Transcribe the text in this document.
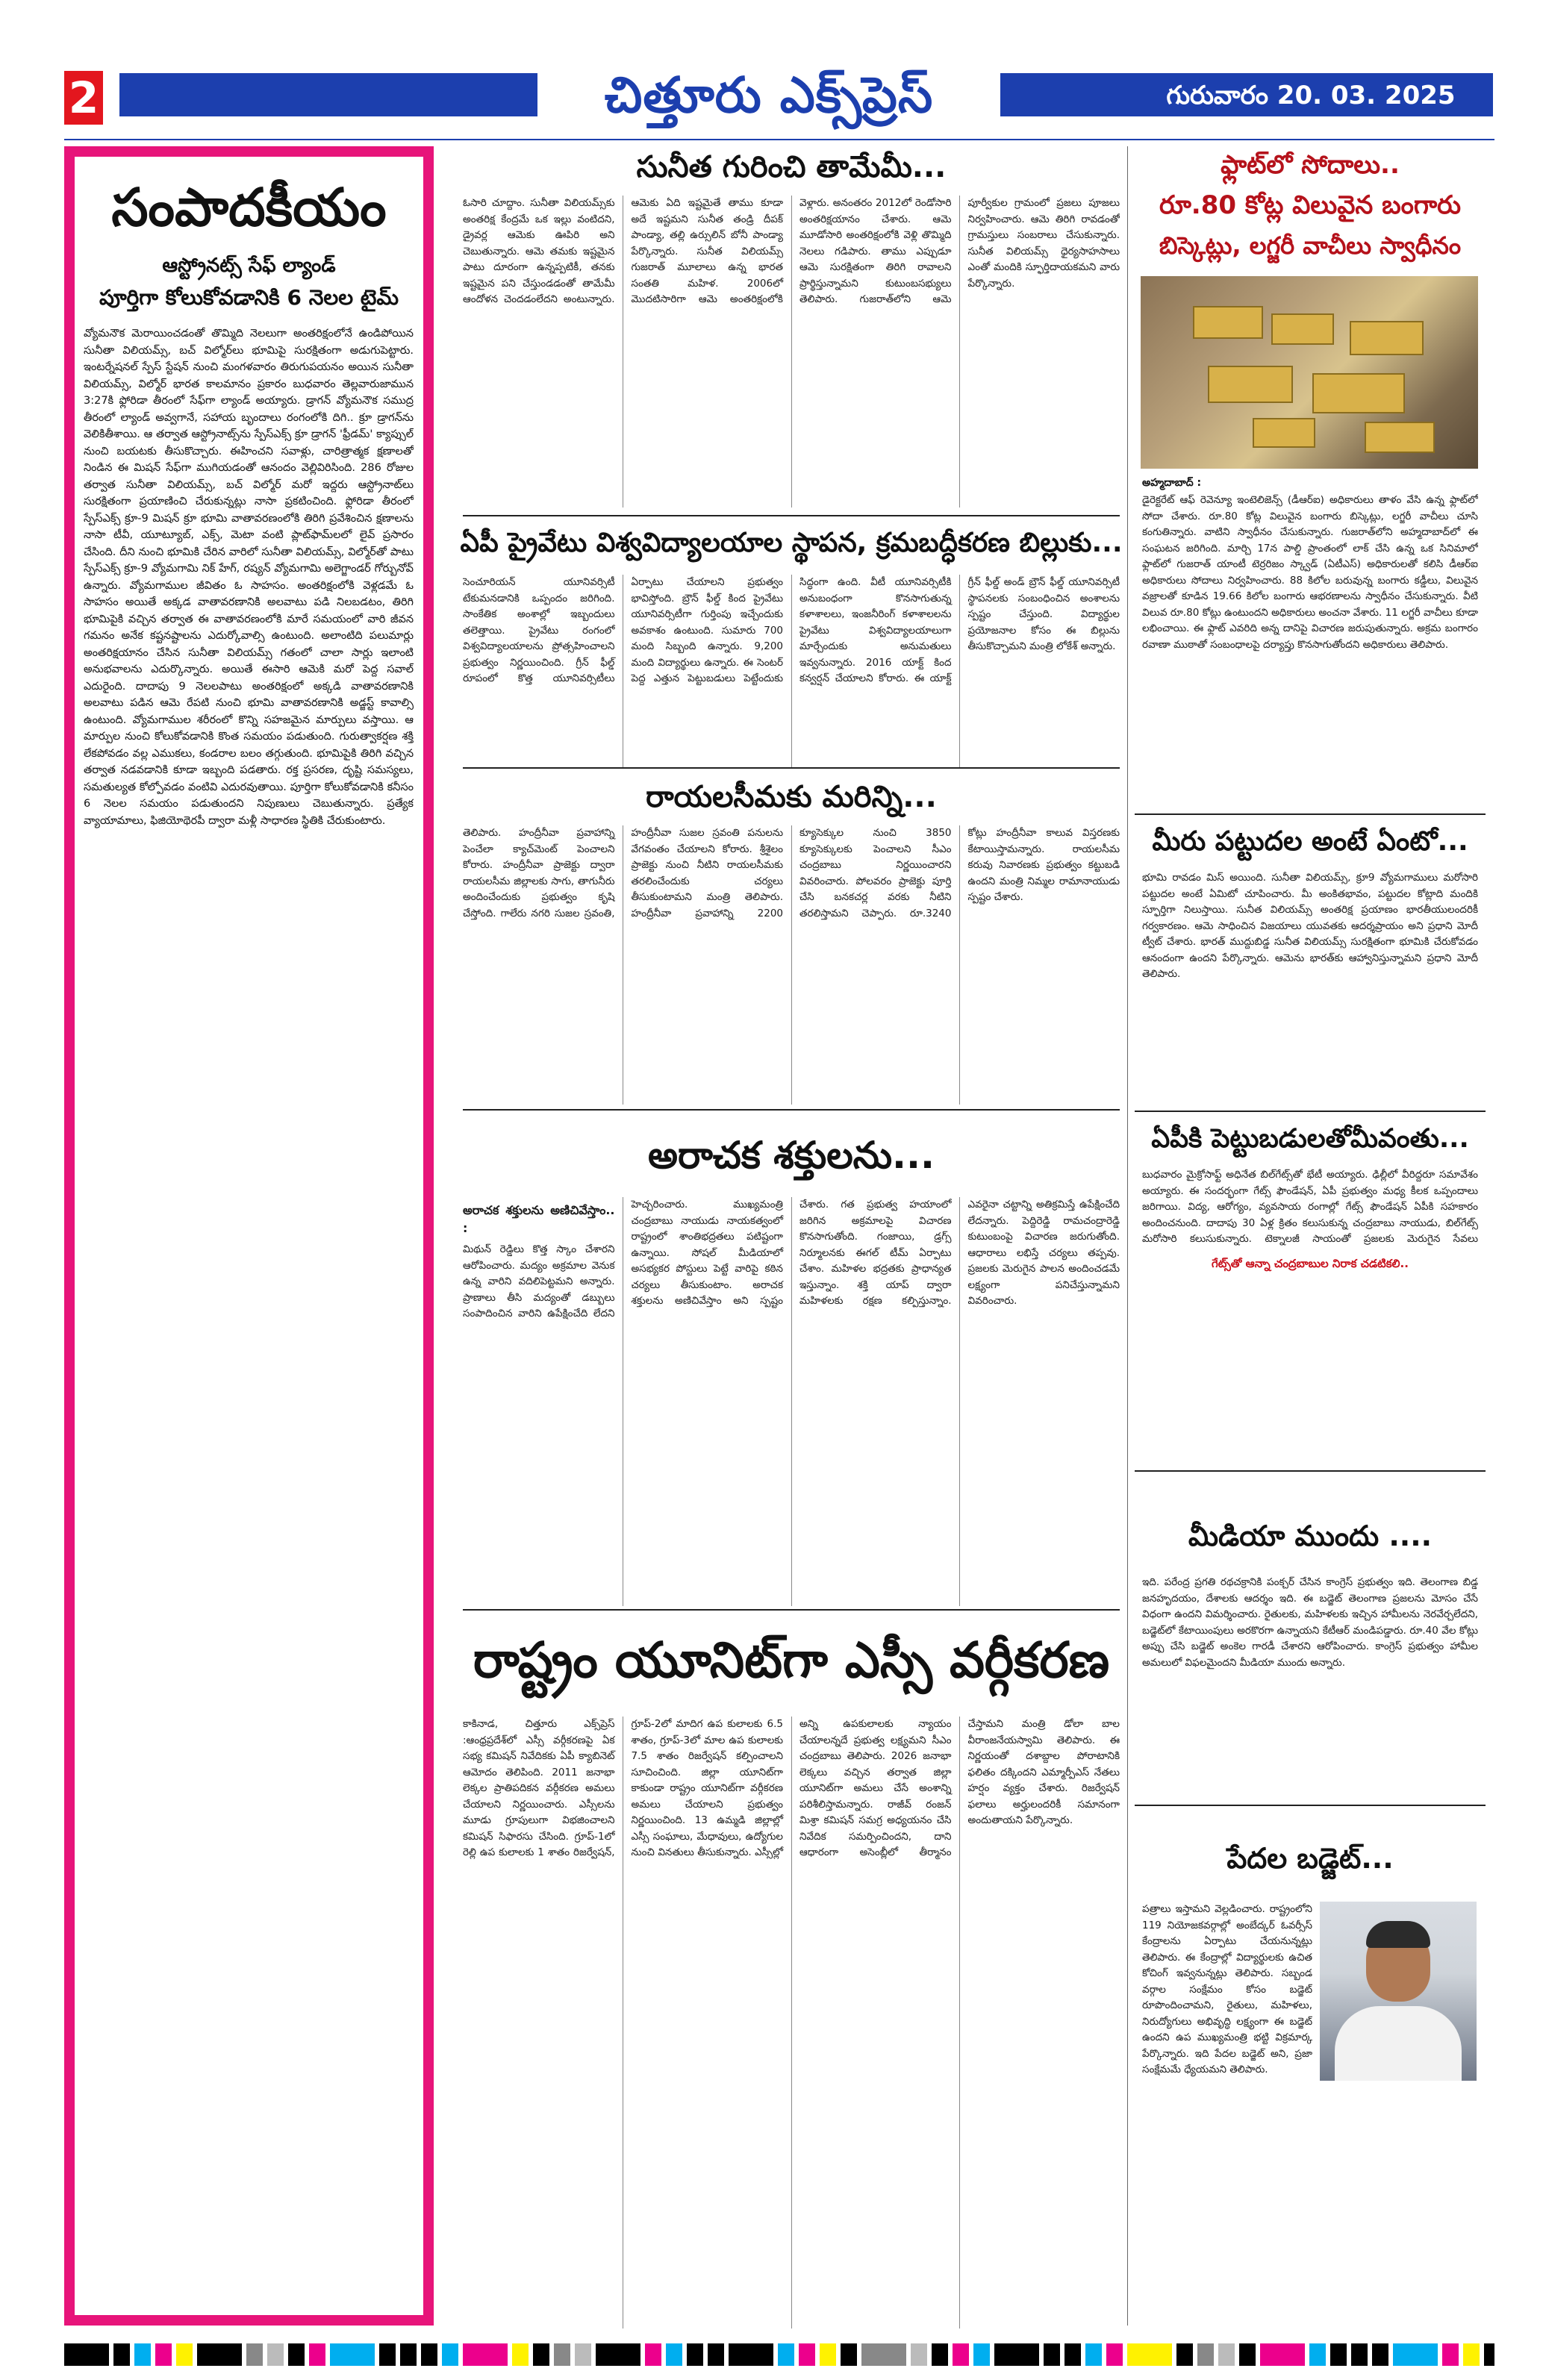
2	చిత్తూరు ఎక్స్‌ప్రెస్	గురువారం 20. 03. 2025
సంపాదకీయం
ఆస్ట్రోనట్స్ సేఫ్ ల్యాండ్
పూర్తిగా కోలుకోవడానికి 6 నెలల టైమ్
వ్యోమనౌక మెరాయించడంతో తొమ్మిది నెలలుగా అంతరిక్షంలోనే ఉండిపోయిన సునీతా విలియమ్స్, బచ్ విల్మోర్‌లు భూమిపై సురక్షితంగా అడుగుపెట్టారు. ఇంటర్నేషనల్ స్పేస్ స్టేషన్ నుంచి మంగళవారం తిరుగుపయనం అయిన సునీతా విలియమ్స్, విల్మోర్ భారత కాలమానం ప్రకారం బుధవారం తెల్లవారుజామున 3:27కి ఫ్లోరిడా తీరంలో సేఫ్‌గా ల్యాండ్ అయ్యారు. డ్రాగన్ వ్యోమనౌక సముద్ర తీరంలో ల్యాండ్ అవ్వగానే, సహాయ బృందాలు రంగంలోకి దిగి.. క్రూ డ్రాగన్‌ను వెలికితీశాయి. ఆ తర్వాత ఆస్ట్రోనాట్స్‌ను స్పేస్‌ఎక్స్ క్రూ డ్రాగన్ 'ఫ్రీడమ్' క్యాప్సుల్ నుంచి బయటకు తీసుకొచ్చారు. ఈహించని సవాళ్లు, చారిత్రాత్మక క్షణాలతో నిండిన ఈ మిషన్ సేఫ్‌గా ముగియడంతో ఆనందం వెల్లివిరిసింది. 286 రోజుల తర్వాత సునీతా విలియమ్స్, బచ్ విల్మోర్ మరో ఇద్దరు ఆస్ట్రోనాట్‌లు సురక్షితంగా ప్రయాణించి చేరుకున్నట్లు నాసా ప్రకటించింది. ఫ్లోరిడా తీరంలో స్పేస్ఎక్స్ క్రూ-9 మిషన్ క్రూ భూమి వాతావరణంలోకి తిరిగి ప్రవేశించిన క్షణాలను నాసా టీవీ, యూట్యూబ్, ఎక్స్, మెటా వంటి ప్లాట్‌ఫామ్‌లలో లైవ్ ప్రసారం చేసింది. దీని నుంచి భూమికి చేరిన వారిలో సునీతా విలియమ్స్, విల్మోర్‌తో పాటు స్పేస్ఎక్స్ క్రూ-9 వ్యోమగామి నిక్ హేగ్, రష్యన్ వ్యోమగామి అలెగ్జాండర్ గోర్బునోవ్ ఉన్నారు. వ్యోమగాముల జీవితం ఓ సాహసం. అంతరిక్షంలోకి వెళ్లడమే ఓ సాహసం అయితే అక్కడ వాతావరణానికి అలవాటు పడి నిలబడటం, తిరిగి భూమిపైకి వచ్చిన తర్వాత ఈ వాతావరణంలోకి మారే సమయంలో వారి జీవన గమనం అనేక కష్టనష్టాలను ఎదుర్కోవాల్సి ఉంటుంది. అలాంటిది పలుమార్లు అంతరిక్షయానం చేసిన సునీతా విలియమ్స్ గతంలో చాలా సార్లు ఇలాంటి అనుభవాలను ఎదుర్కొన్నారు. అయితే ఈసారి ఆమెకి మరో పెద్ద సవాల్ ఎదురైంది. దాదాపు 9 నెలలపాటు అంతరిక్షంలో అక్కడి వాతావరణానికి అలవాటు పడిన ఆమె రేపటి నుంచి భూమి వాతావరణానికి అడ్జస్ట్ కావాల్సి ఉంటుంది. వ్యోమగాముల శరీరంలో కొన్ని సహజమైన మార్పులు వస్తాయి. ఆ మార్పుల నుంచి కోలుకోవడానికి కొంత సమయం పడుతుంది. గురుత్వాకర్షణ శక్తి లేకపోవడం వల్ల ఎముకలు, కండరాల బలం తగ్గుతుంది. భూమిపైకి తిరిగి వచ్చిన తర్వాత నడవడానికి కూడా ఇబ్బంది పడతారు. రక్త ప్రసరణ, దృష్టి సమస్యలు, సమతుల్యత కోల్పోవడం వంటివి ఎదురవుతాయి. పూర్తిగా కోలుకోవడానికి కనీసం 6 నెలల సమయం పడుతుందని నిపుణులు చెబుతున్నారు. ప్రత్యేక వ్యాయామాలు, ఫిజియోథెరపీ ద్వారా మళ్లీ సాధారణ స్థితికి చేరుకుంటారు.
సునీత గురించి తామేమీ...
ఓసారి చూద్దాం. సునీతా విలియమ్స్‌కు అంతరిక్ష కేంద్రమే ఒక ఇల్లు వంటిదని, డ్రైవర్ల ఆమెకు ఊపిరి అని చెబుతున్నారు. ఆమె తమకు ఇష్టమైన పాటు దూరంగా ఉన్నప్పటికీ, తనకు ఇష్టమైన పని చేస్తుండడంతో తామేమీ ఆందోళన చెందడంలేదని అంటున్నారు. ఆమెకు ఏది ఇష్టమైతే తాము కూడా అదే ఇష్టమని సునీత తండ్రి దీపక్ పాండ్యా, తల్లి ఉర్సులిన్ బోనీ పాండ్యా పేర్కొన్నారు. సునీత విలియమ్స్ గుజరాత్ మూలాలు ఉన్న భారత సంతతి మహిళ. 2006లో మొదటిసారిగా ఆమె అంతరిక్షంలోకి వెళ్లారు. అనంతరం 2012లో రెండోసారి అంతరిక్షయానం చేశారు. ఆమె మూడోసారి అంతరిక్షంలోకి వెళ్లి తొమ్మిది నెలలు గడిపారు. తాము ఎప్పుడూ ఆమె సురక్షితంగా తిరిగి రావాలని ప్రార్థిస్తున్నామని కుటుంబసభ్యులు తెలిపారు. గుజరాత్‌లోని ఆమె పూర్వీకుల గ్రామంలో ప్రజలు పూజలు నిర్వహించారు. ఆమె తిరిగి రావడంతో గ్రామస్తులు సంబరాలు చేసుకున్నారు. సునీత విలియమ్స్ ధైర్యసాహసాలు ఎంతో మందికి స్ఫూర్తిదాయకమని వారు పేర్కొన్నారు.
ఏపీ ప్రైవేటు విశ్వవిద్యాలయాల స్థాపన, క్రమబద్ధీకరణ బిల్లుకు...
సెంచూరియన్ యూనివర్సిటీ టేకుమనడానికి ఒప్పందం జరిగింది. సాంకేతిక అంశాల్లో ఇబ్బందులు తలెత్తాయి. ప్రైవేటు రంగంలో విశ్వవిద్యాలయాలను ప్రోత్సహించాలని ప్రభుత్వం నిర్ణయించింది. గ్రీన్ ఫీల్డ్ రూపంలో కొత్త యూనివర్సిటీలు ఏర్పాటు చేయాలని ప్రభుత్వం భావిస్తోంది. బ్రౌన్ ఫీల్డ్ కింద ప్రైవేటు యూనివర్సిటీగా గుర్తింపు ఇచ్చేందుకు అవకాశం ఉంటుంది. సుమారు 700 మంది సిబ్బంది ఉన్నారు. 9,200 మంది విద్యార్థులు ఉన్నారు. ఈ సెంటర్ పెద్ద ఎత్తున పెట్టుబడులు పెట్టేందుకు సిద్ధంగా ఉంది. వీటీ యూనివర్సిటీకి అనుబంధంగా కొనసాగుతున్న కళాశాలలు, ఇంజనీరింగ్ కళాశాలలను ప్రైవేటు విశ్వవిద్యాలయాలుగా మార్చేందుకు అనుమతులు ఇవ్వనున్నారు. 2016 యాక్ట్ కింద కన్వర్షన్ చేయాలని కోరారు. ఈ యాక్ట్ గ్రీన్ ఫీల్డ్ అండ్ బ్రౌన్ ఫీల్డ్ యూనివర్సిటీ స్థాపనలకు సంబంధించిన అంశాలను స్పష్టం చేస్తుంది. విద్యార్థుల ప్రయోజనాల కోసం ఈ బిల్లును తీసుకొచ్చామని మంత్రి లోకేశ్ అన్నారు.
రాయలసీమకు మరిన్ని...
తెలిపారు. హంద్రీనీవా ప్రవాహాన్ని పెంచేలా క్యాచ్‌మెంట్ పెంచాలని కోరారు. హంద్రీనీవా ప్రాజెక్టు ద్వారా రాయలసీమ జిల్లాలకు సాగు, తాగునీరు అందించేందుకు ప్రభుత్వం కృషి చేస్తోంది. గాలేరు నగరి సుజల స్రవంతి, హంద్రీనీవా సుజల స్రవంతి పనులను వేగవంతం చేయాలని కోరారు. శ్రీశైలం ప్రాజెక్టు నుంచి నీటిని రాయలసీమకు తరలించేందుకు చర్యలు తీసుకుంటామని మంత్రి తెలిపారు. హంద్రీనీవా ప్రవాహాన్ని 2200 క్యూసెక్కుల నుంచి 3850 క్యూసెక్కులకు పెంచాలని సీఎం చంద్రబాబు నిర్ణయించారని వివరించారు. పోలవరం ప్రాజెక్టు పూర్తి చేసి బనకచర్ల వరకు నీటిని తరలిస్తామని చెప్పారు. రూ.3240 కోట్లు హంద్రీనీవా కాలువ విస్తరణకు కేటాయిస్తామన్నారు. రాయలసీమ కరువు నివారణకు ప్రభుత్వం కట్టుబడి ఉందని మంత్రి నిమ్మల రామానాయుడు స్పష్టం చేశారు.
అరాచక శక్తులను...
అరాచక శక్తులను అణిచివేస్తాం.. :
మిథున్ రెడ్డిలు కొత్త స్కాం చేశారని ఆరోపించారు. మద్యం అక్రమాల వెనుక ఉన్న వారిని వదిలిపెట్టమని అన్నారు. ప్రాణాలు తీసి మద్యంతో డబ్బులు సంపాదించిన వారిని ఉపేక్షించేది లేదని హెచ్చరించారు. ముఖ్యమంత్రి చంద్రబాబు నాయుడు నాయకత్వంలో రాష్ట్రంలో శాంతిభద్రతలు పటిష్టంగా ఉన్నాయి. సోషల్ మీడియాలో అసభ్యకర పోస్టులు పెట్టే వారిపై కఠిన చర్యలు తీసుకుంటాం. అరాచక శక్తులను అణిచివేస్తాం అని స్పష్టం చేశారు. గత ప్రభుత్వ హయాంలో జరిగిన అక్రమాలపై విచారణ కొనసాగుతోంది. గంజాయి, డ్రగ్స్ నిర్మూలనకు ఈగల్ టీమ్ ఏర్పాటు చేశాం. మహిళల భద్రతకు ప్రాధాన్యత ఇస్తున్నాం. శక్తి యాప్ ద్వారా మహిళలకు రక్షణ కల్పిస్తున్నాం. ఎవరైనా చట్టాన్ని అతిక్రమిస్తే ఉపేక్షించేది లేదన్నారు. పెద్దిరెడ్డి రామచంద్రారెడ్డి కుటుంబంపై విచారణ జరుగుతోంది. ఆధారాలు లభిస్తే చర్యలు తప్పవు. ప్రజలకు మెరుగైన పాలన అందించడమే లక్ష్యంగా పనిచేస్తున్నామని వివరించారు.
రాష్ట్రం యూనిట్‌గా ఎస్సీ వర్గీకరణ
కాకినాడ, చిత్తూరు ఎక్స్‌ప్రెస్ :ఆంధ్రప్రదేశ్‌లో ఎస్సీ వర్గీకరణపై ఏక సభ్య కమిషన్ నివేదికకు ఏపీ క్యాబినెట్ ఆమోదం తెలిపింది. 2011 జనాభా లెక్కల ప్రాతిపదికన వర్గీకరణ అమలు చేయాలని నిర్ణయించారు. ఎస్సీలను మూడు గ్రూపులుగా విభజించాలని కమిషన్ సిఫారసు చేసింది. గ్రూప్-1లో రెల్లి ఉప కులాలకు 1 శాతం రిజర్వేషన్, గ్రూప్-2లో మాదిగ ఉప కులాలకు 6.5 శాతం, గ్రూప్-3లో మాల ఉప కులాలకు 7.5 శాతం రిజర్వేషన్ కల్పించాలని సూచించింది. జిల్లా యూనిట్‌గా కాకుండా రాష్ట్రం యూనిట్‌గా వర్గీకరణ అమలు చేయాలని ప్రభుత్వం నిర్ణయించింది. 13 ఉమ్మడి జిల్లాల్లో ఎస్సీ సంఘాలు, మేధావులు, ఉద్యోగుల నుంచి వినతులు తీసుకున్నారు. ఎస్సీల్లో అన్ని ఉపకులాలకు న్యాయం చేయాలన్నదే ప్రభుత్వ లక్ష్యమని సీఎం చంద్రబాబు తెలిపారు. 2026 జనాభా లెక్కలు వచ్చిన తర్వాత జిల్లా యూనిట్‌గా అమలు చేసే అంశాన్ని పరిశీలిస్తామన్నారు. రాజీవ్ రంజన్ మిశ్రా కమిషన్ సమగ్ర అధ్యయనం చేసి నివేదిక సమర్పించిందని, దాని ఆధారంగా అసెంబ్లీలో తీర్మానం చేస్తామని మంత్రి డోలా బాల వీరాంజనేయస్వామి తెలిపారు. ఈ నిర్ణయంతో దశాబ్దాల పోరాటానికి ఫలితం దక్కిందని ఎమ్మార్పీఎస్ నేతలు హర్షం వ్యక్తం చేశారు. రిజర్వేషన్ ఫలాలు అర్హులందరికీ సమానంగా అందుతాయని పేర్కొన్నారు.
ఫ్లాట్‌లో సోదాలు..
రూ.80 కోట్ల విలువైన బంగారు
బిస్కెట్లు, లగ్జరీ వాచీలు స్వాధీనం
అహ్మదాబాద్ :
డైరెక్టరేట్ ఆఫ్ రెవెన్యూ ఇంటెలిజెన్స్ (డీఆర్ఐ) అధికారులు తాళం వేసి ఉన్న ఫ్లాట్‌లో సోదా చేశారు. రూ.80 కోట్ల విలువైన బంగారు బిస్కెట్లు, లగ్జరీ వాచీలు చూసి కంగుతిన్నారు. వాటిని స్వాధీనం చేసుకున్నారు. గుజరాత్‌లోని అహ్మదాబాద్‌లో ఈ సంఘటన జరిగింది. మార్చి 17న పాల్డి ప్రాంతంలో లాక్ చేసి ఉన్న ఒక సినిమాలో ఫ్లాట్‌లో గుజరాత్ యాంటీ టెర్రరిజం స్క్వాడ్ (ఏటీఎస్) అధికారులతో కలిసి డీఆర్ఐ అధికారులు సోదాలు నిర్వహించారు. 88 కిలోల బరువున్న బంగారు కడ్డీలు, విలువైన వజ్రాలతో కూడిన 19.66 కిలోల బంగారు ఆభరణాలను స్వాధీనం చేసుకున్నారు. వీటి విలువ రూ.80 కోట్లు ఉంటుందని అధికారులు అంచనా వేశారు. 11 లగ్జరీ వాచీలు కూడా లభించాయి. ఈ ఫ్లాట్ ఎవరిది అన్న దానిపై విచారణ జరుపుతున్నారు. అక్రమ బంగారం రవాణా ముఠాతో సంబంధాలపై దర్యాప్తు కొనసాగుతోందని అధికారులు తెలిపారు.
మీరు పట్టుదల అంటే ఏంటో...
భూమి రావడం మిస్ అయింది. సునీతా విలియమ్స్, క్రూ9 వ్యోమగాములు మరోసారి పట్టుదల అంటే ఏమిటో చూపించారు. మీ అంకితభావం, పట్టుదల కోట్లాది మందికి స్ఫూర్తిగా నిలుస్తాయి. సునీత విలియమ్స్ అంతరిక్ష ప్రయాణం భారతీయులందరికీ గర్వకారణం. ఆమె సాధించిన విజయాలు యువతకు ఆదర్శప్రాయం అని ప్రధాని మోదీ ట్వీట్ చేశారు. భారత్ ముద్దుబిడ్డ సునీత విలియమ్స్ సురక్షితంగా భూమికి చేరుకోవడం ఆనందంగా ఉందని పేర్కొన్నారు. ఆమెను భారత్‌కు ఆహ్వానిస్తున్నామని ప్రధాని మోదీ తెలిపారు.
ఏపీకి పెట్టుబడులతోమీవంతు...
బుధవారం మైక్రోసాఫ్ట్ అధినేత బిల్‌గేట్స్‌తో భేటీ అయ్యారు. ఢిల్లీలో వీరిద్దరూ సమావేశం అయ్యారు. ఈ సందర్భంగా గేట్స్ ఫౌండేషన్, ఏపీ ప్రభుత్వం మధ్య కీలక ఒప్పందాలు జరిగాయి. విద్య, ఆరోగ్యం, వ్యవసాయ రంగాల్లో గేట్స్ ఫౌండేషన్ ఏపీకి సహకారం అందించనుంది. దాదాపు 30 ఏళ్ల క్రితం కలుసుకున్న చంద్రబాబు నాయుడు, బిల్‌గేట్స్ మరోసారి కలుసుకున్నారు. టెక్నాలజీ సాయంతో ప్రజలకు మెరుగైన సేవలు
గేట్స్‌తో ఆన్నా చంద్రబాబుల నిరాక చడటికలి..
మీడియా ముందు ....
ఇది. పరేంద్ర ప్రగతి రథచక్రానికి పంక్చర్ చేసిన కాంగ్రెస్ ప్రభుత్వం ఇది. తెలంగాణ బిడ్డ జనహృదయం, దేశాలకు ఆదర్శం ఇది. ఈ బడ్జెట్ తెలంగాణ ప్రజలను మోసం చేసే విధంగా ఉందని విమర్శించారు. రైతులకు, మహిళలకు ఇచ్చిన హామీలను నెరవేర్చలేదని, బడ్జెట్‌లో కేటాయింపులు అరకొరగా ఉన్నాయని కేటీఆర్ మండిపడ్డారు. రూ.40 వేల కోట్లు అప్పు చేసి బడ్జెట్ అంకెల గారడీ చేశారని ఆరోపించారు. కాంగ్రెస్ ప్రభుత్వం హామీల అమలులో విఫలమైందని మీడియా ముందు అన్నారు.
పేదల బడ్జెట్...
పత్రాలు ఇస్తామని వెల్లడించారు. రాష్ట్రంలోని 119 నియోజకవర్గాల్లో అంబేద్కర్ ఓవర్సీస్ కేంద్రాలను ఏర్పాటు చేయనున్నట్లు తెలిపారు. ఈ కేంద్రాల్లో విద్యార్థులకు ఉచిత కోచింగ్ ఇవ్వనున్నట్లు తెలిపారు. సబ్బండ వర్గాల సంక్షేమం కోసం బడ్జెట్ రూపొందించామని, రైతులు, మహిళలు, నిరుద్యోగులు అభివృద్ధి లక్ష్యంగా ఈ బడ్జెట్ ఉందని ఉప ముఖ్యమంత్రి భట్టి విక్రమార్క పేర్కొన్నారు. ఇది పేదల బడ్జెట్ అని, ప్రజా సంక్షేమమే ధ్యేయమని తెలిపారు.
